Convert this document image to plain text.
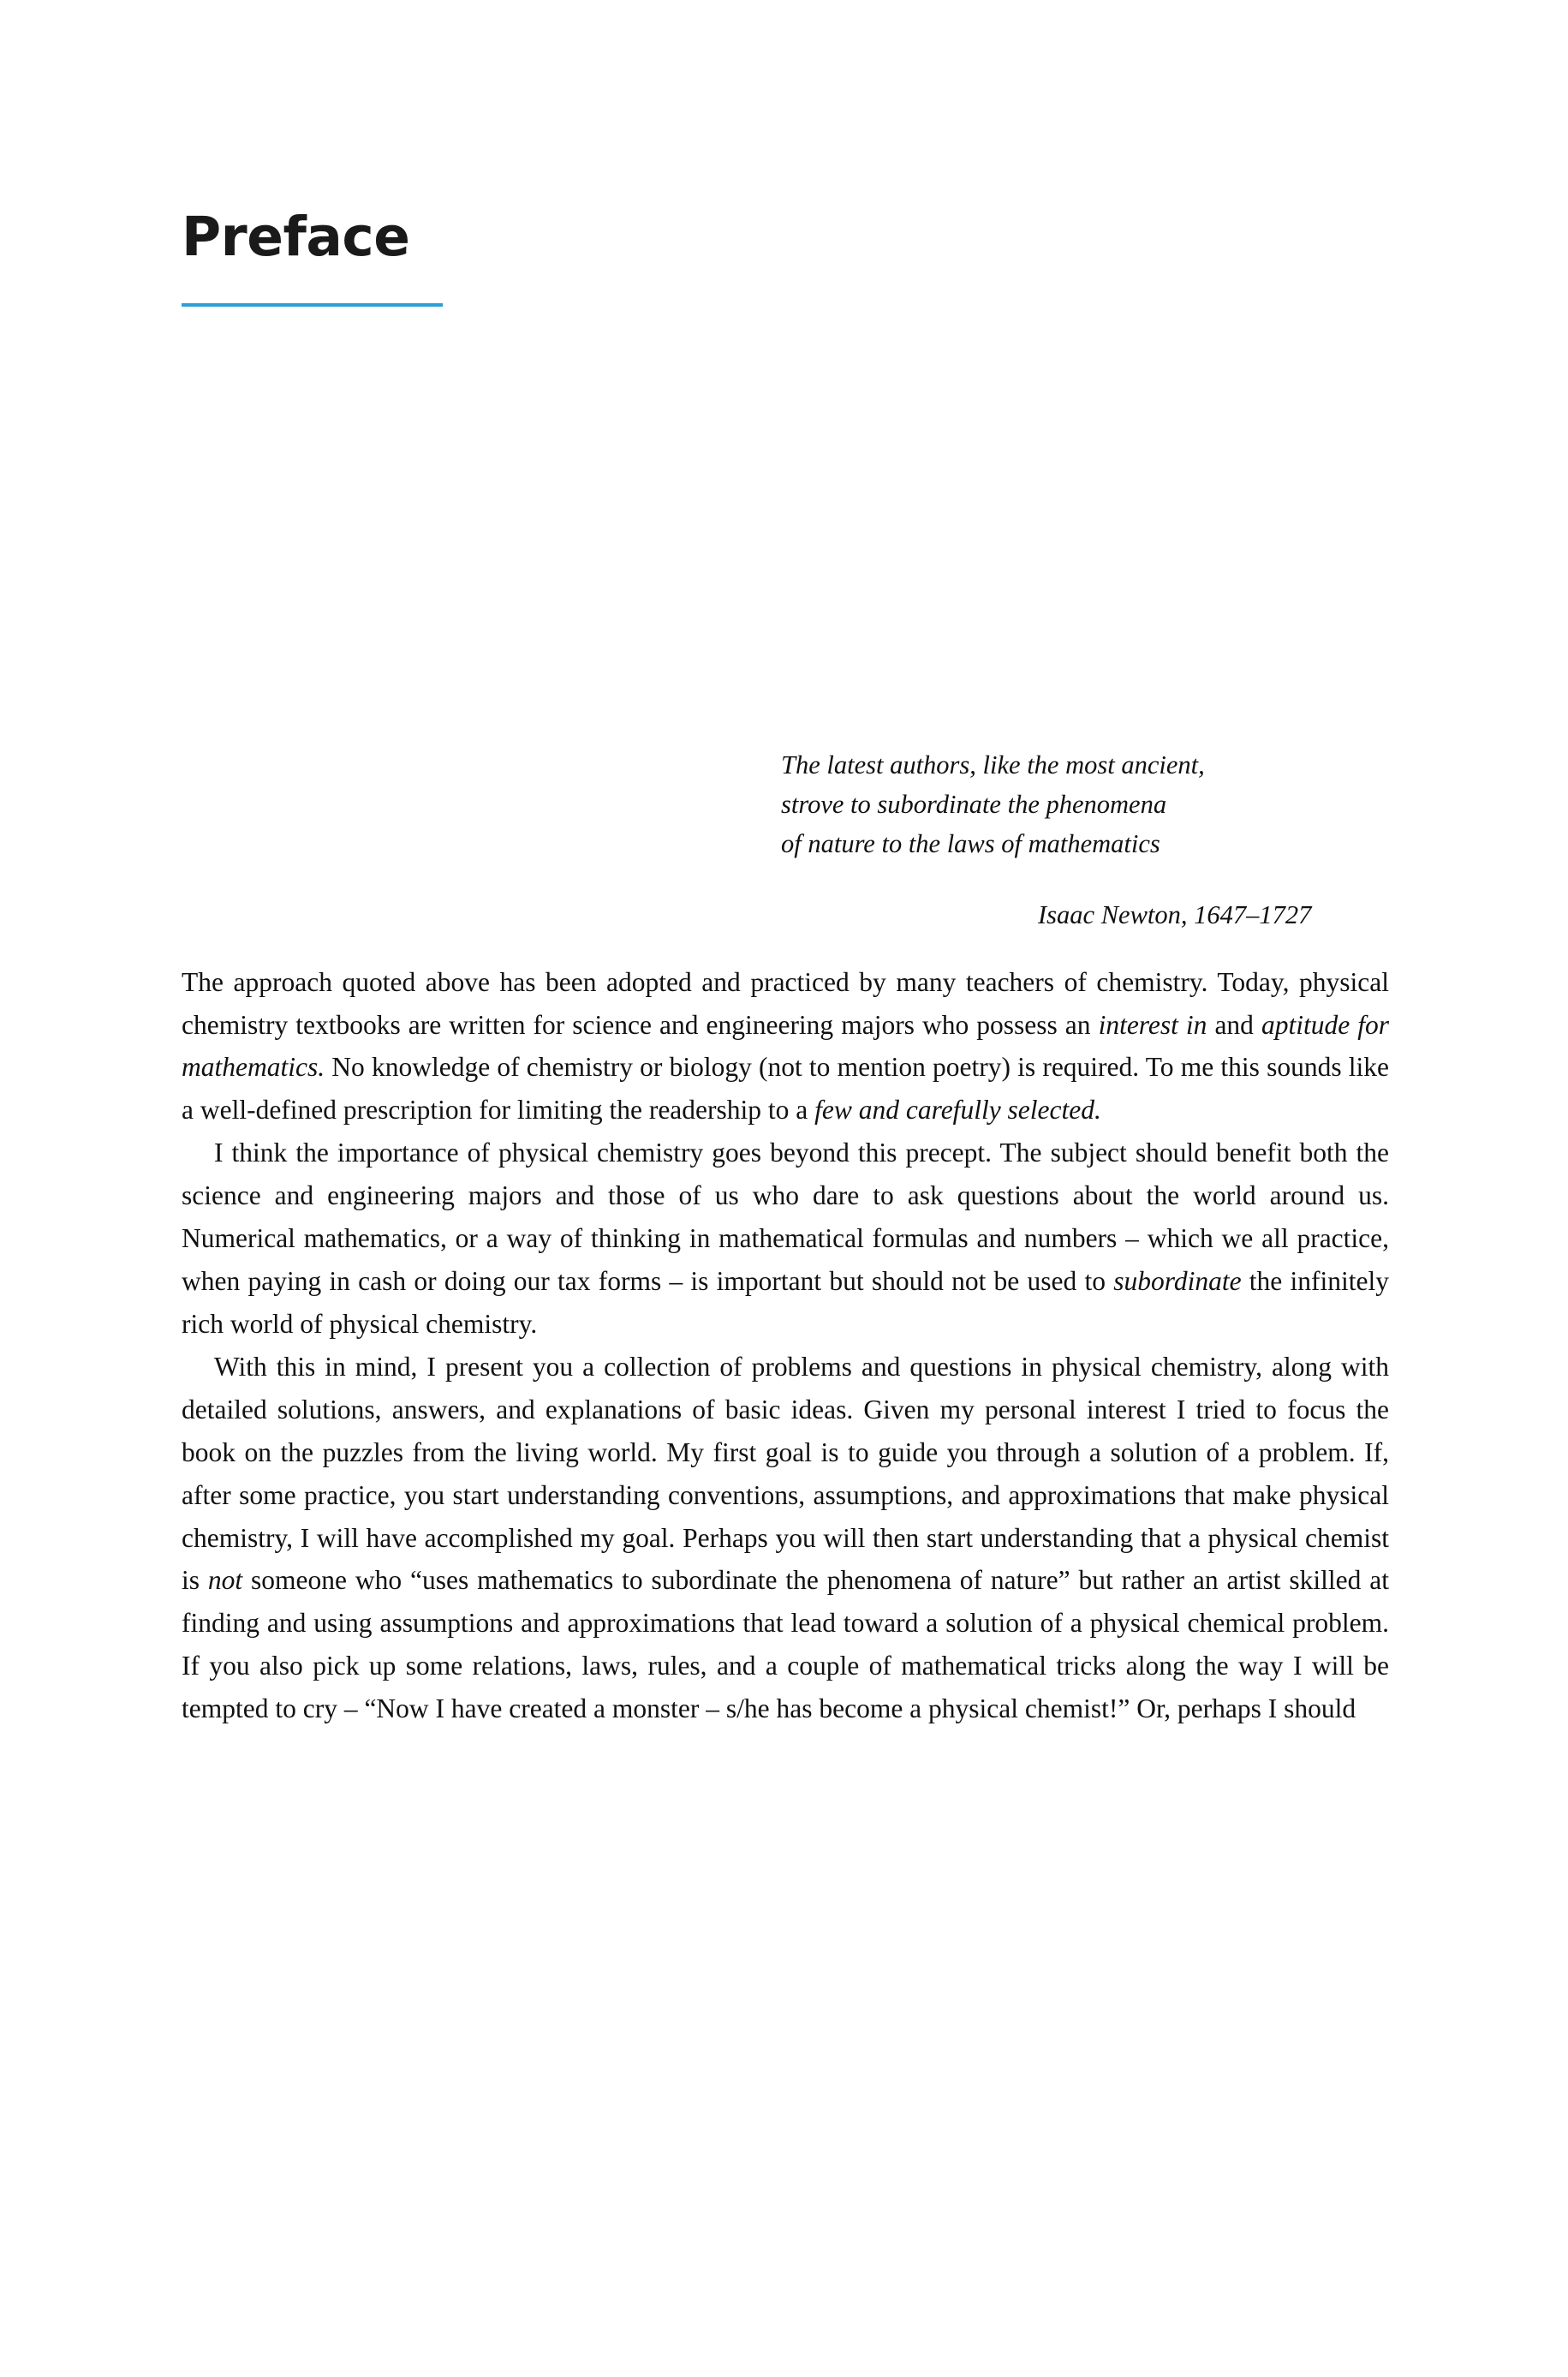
Preface
The latest authors, like the most ancient,
strove to subordinate the phenomena
of nature to the laws of mathematics
Isaac Newton, 1647–1727

The approach quoted above has been adopted and practiced by many teachers of chemistry. Today, physical chemistry textbooks are written for science and engineering majors who possess an interest in and aptitude for mathematics. No knowledge of chemistry or biology (not to mention poetry) is required. To me this sounds like a well-defined prescription for limiting the readership to a few and carefully selected.

I think the importance of physical chemistry goes beyond this precept. The subject should benefit both the science and engineering majors and those of us who dare to ask questions about the world around us. Numerical mathematics, or a way of thinking in mathematical formulas and numbers – which we all practice, when paying in cash or doing our tax forms – is important but should not be used to subordinate the infinitely rich world of physical chemistry.

With this in mind, I present you a collection of problems and questions in physical chemistry, along with detailed solutions, answers, and explanations of basic ideas. Given my personal interest I tried to focus the book on the puzzles from the living world. My first goal is to guide you through a solution of a problem. If, after some practice, you start understanding conventions, assumptions, and approximations that make physical chemistry, I will have accomplished my goal. Perhaps you will then start understanding that a physical chemist is not someone who “uses mathematics to subordinate the phenomena of nature” but rather an artist skilled at finding and using assumptions and approximations that lead toward a solution of a physical chemical problem. If you also pick up some relations, laws, rules, and a couple of mathematical tricks along the way I will be tempted to cry – “Now I have created a monster – s/he has become a physical chemist!” Or, perhaps I should
